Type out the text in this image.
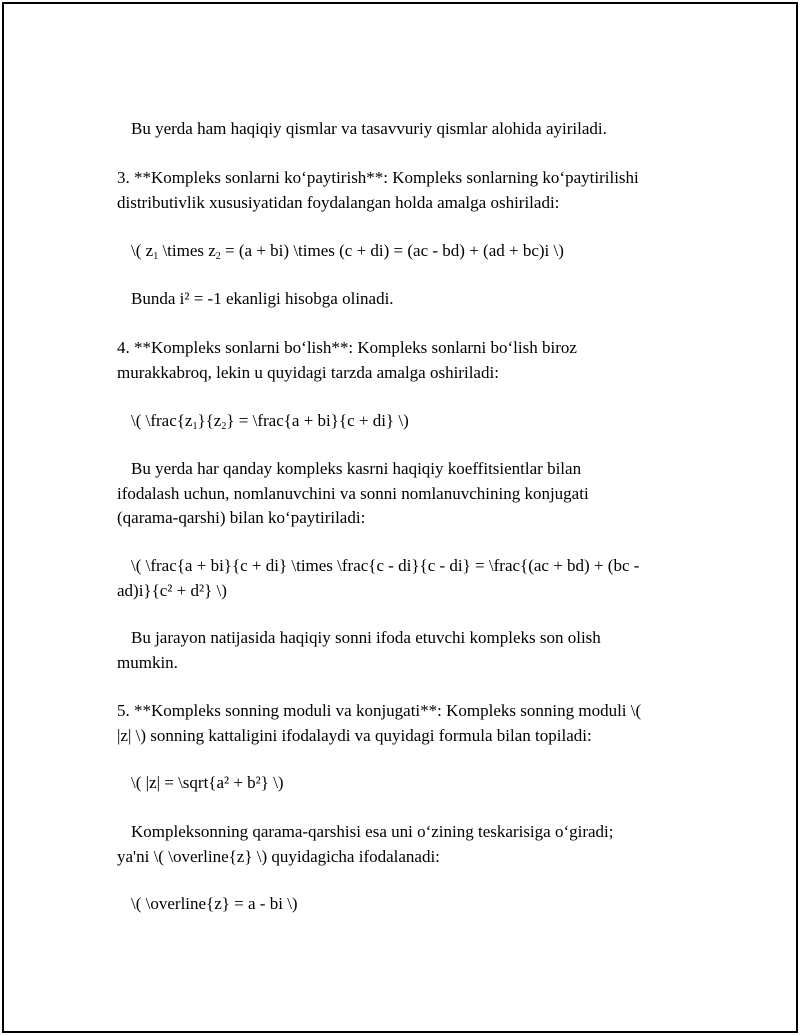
Bu yerda ham haqiqiy qismlar va tasavvuriy qismlar alohida ayiriladi.

3. **Kompleks sonlarni ko‘paytirish**: Kompleks sonlarning ko‘paytirilishi
distributivlik xususiyatidan foydalangan holda amalga oshiriladi:

\( $z_1$ \times $z_2 = (a + bi)$ \times (c + di) = (ac - bd) + (ad + bc)i \)

Bunda i² = -1 ekanligi hisobga olinadi.

4. **Kompleks sonlarni bo‘lish**: Kompleks sonlarni bo‘lish biroz
murakkabroq, lekin u quyidagi tarzda amalga oshiriladi:

\( $\backslash frac\{z_1\}\{z_2\}$ = \frac{a + bi}{c + di} \)

Bu yerda har qanday kompleks kasrni haqiqiy koeffitsientlar bilan
ifodalash uchun, nomlanuvchini va sonni nomlanuvchining konjugati
(qarama-qarshi) bilan ko‘paytiriladi:

\( \frac{a + bi}{c + di} \times \frac{c - di}{c - di} = \frac{(ac + bd) + (bc -
ad)i}{c² + d²} \)

Bu jarayon natijasida haqiqiy sonni ifoda etuvchi kompleks son olish
mumkin.

5. **Kompleks sonning moduli va konjugati**: Kompleks sonning moduli \(
|z| \) sonning kattaligini ifodalaydi va quyidagi formula bilan topiladi:

\( |z| = \sqrt{a² + b²} \)

Kompleksonning qarama-qarshisi esa uni o‘zining teskarisiga o‘giradi;
ya'ni \( \overline{z} \) quyidagicha ifodalanadi:

\( \overline{z} = a - bi \)
